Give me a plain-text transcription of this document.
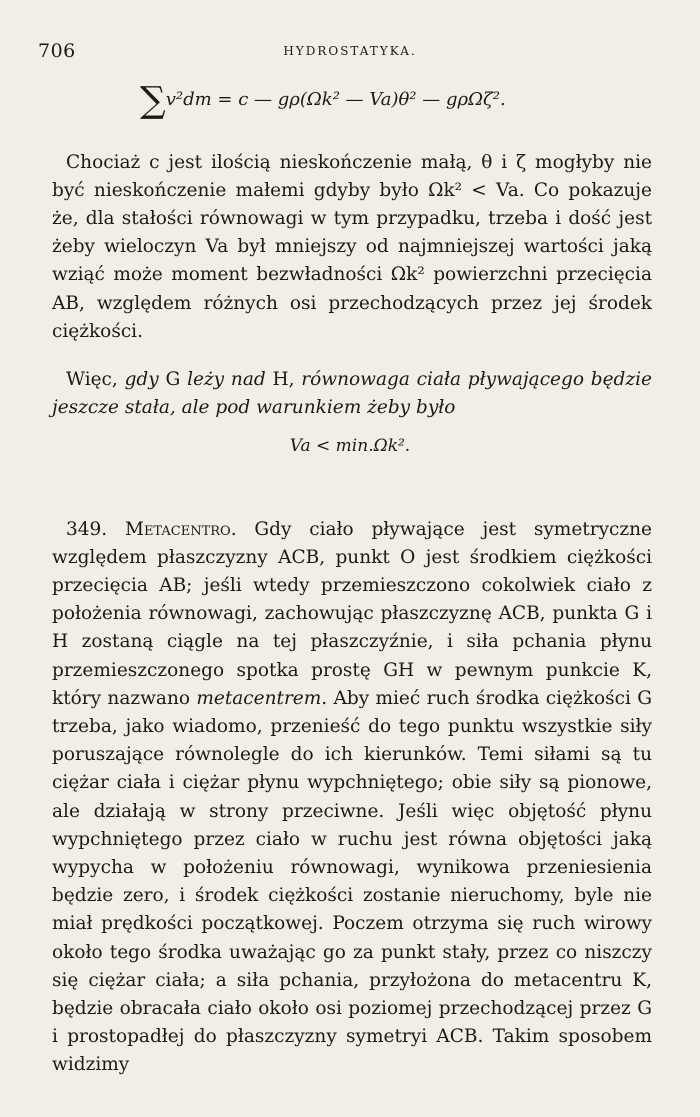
706	HYDROSTATYKA.
∑v²dm = c — gρ(Ωk² — Va)θ² — gρΩζ².

Chociaż c jest ilością nieskończenie małą, θ i ζ mogłyby nie być nieskończenie małemi gdyby było Ωk² < Va. Co pokazuje że, dla stałości równowagi w tym przypadku, trzeba i dość jest żeby wieloczyn Va był mniejszy od najmniejszej wartości jaką wziąć może moment bezwładności Ωk² powierzchni przecięcia AB, względem różnych osi przechodzących przez jej środek ciężkości.

Więc, gdy G leży nad H, równowaga ciała pływającego będzie jeszcze stała, ale pod warunkiem żeby było

Va < min.Ωk².

349. Metacentro. Gdy ciało pływające jest symetryczne względem płaszczyzny ACB, punkt O jest środkiem ciężkości przecięcia AB; jeśli wtedy przemieszczono cokolwiek ciało z położenia równowagi, zachowując płaszczyznę ACB, punkta G i H zostaną ciągle na tej płaszczyźnie, i siła pchania płynu przemieszczonego spotka prostę GH w pewnym punkcie K, który nazwano metacentrem. Aby mieć ruch środka ciężkości G trzeba, jako wiadomo, przenieść do tego punktu wszystkie siły poruszające równolegle do ich kierunków. Temi siłami są tu ciężar ciała i ciężar płynu wypchniętego; obie siły są pionowe, ale działają w strony przeciwne. Jeśli więc objętość płynu wypchniętego przez ciało w ruchu jest równa objętości jaką wypycha w położeniu równowagi, wynikowa przeniesienia będzie zero, i środek ciężkości zostanie nieruchomy, byle nie miał prędkości początkowej. Poczem otrzyma się ruch wirowy około tego środka uważając go za punkt stały, przez co niszczy się ciężar ciała; a siła pchania, przyłożona do metacentru K, będzie obracała ciało około osi poziomej przechodzącej przez G i prostopadłej do płaszczyzny symetryi ACB. Takim sposobem widzimy
